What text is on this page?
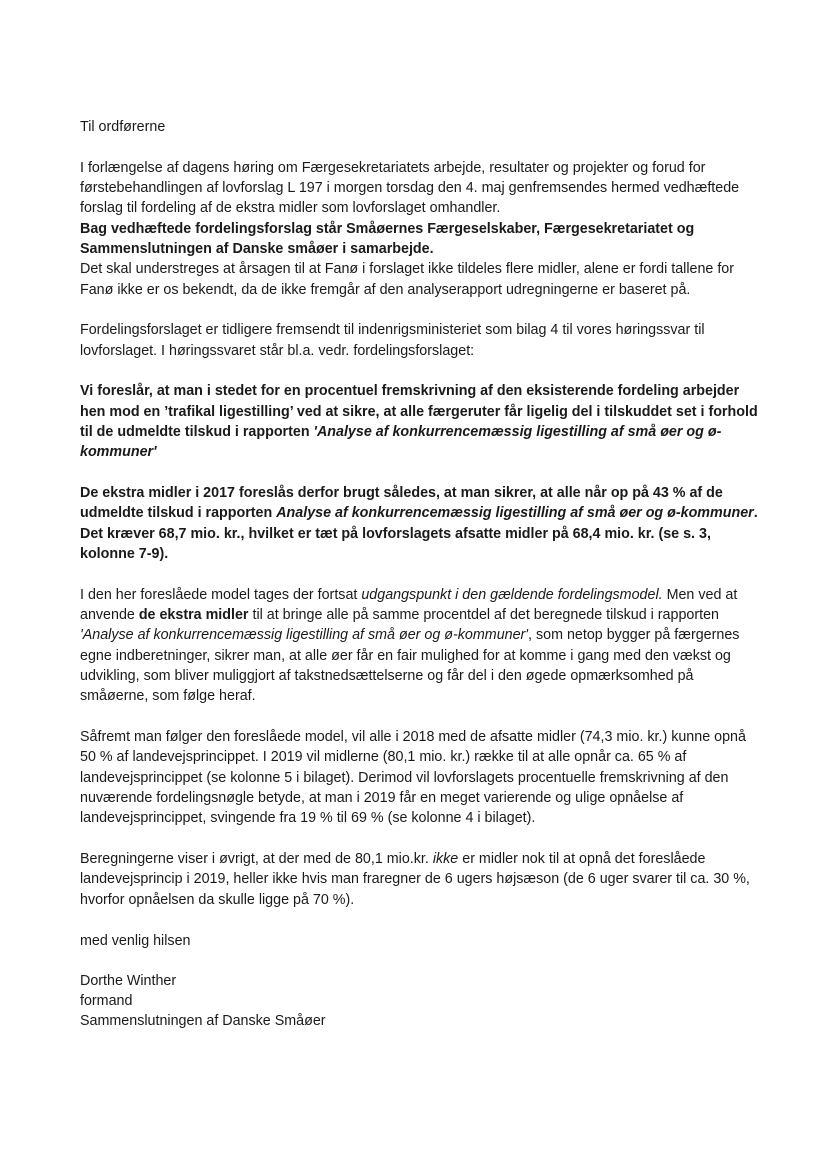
Til ordførerne

I forlængelse af dagens høring om Færgesekretariatets arbejde, resultater og projekter og forud for førstebehandlingen af lovforslag L 197 i morgen torsdag den 4. maj genfremsendes hermed vedhæftede forslag til fordeling af de ekstra midler som lovforslaget omhandler.
Bag vedhæftede fordelingsforslag står Småøernes Færgeselskaber, Færgesekretariatet og Sammenslutningen af Danske småøer i samarbejde.
Det skal understreges at årsagen til at Fanø i forslaget ikke tildeles flere midler, alene er fordi tallene for Fanø ikke er os bekendt, da de ikke fremgår af den analyserapport udregningerne er baseret på.

Fordelingsforslaget er tidligere fremsendt til indenrigsministeriet som bilag 4 til vores høringssvar til lovforslaget. I høringssvaret står bl.a. vedr. fordelingsforslaget:

Vi foreslår, at man i stedet for en procentuel fremskrivning af den eksisterende fordeling arbejder hen mod en ’trafikal ligestilling’ ved at sikre, at alle færgeruter får ligelig del i tilskuddet set i forhold til de udmeldte tilskud i rapporten 'Analyse af konkurrencemæssig ligestilling af små øer og ø-kommuner'

De ekstra midler i 2017 foreslås derfor brugt således, at man sikrer, at alle når op på 43 % af de udmeldte tilskud i rapporten Analyse af konkurrencemæssig ligestilling af små øer og ø-kommuner. Det kræver 68,7 mio. kr., hvilket er tæt på lovforslagets afsatte midler på 68,4 mio. kr. (se s. 3, kolonne 7-9).

I den her foreslåede model tages der fortsat udgangspunkt i den gældende fordelingsmodel. Men ved at anvende de ekstra midler til at bringe alle på samme procentdel af det beregnede tilskud i rapporten 'Analyse af konkurrencemæssig ligestilling af små øer og ø-kommuner', som netop bygger på færgernes egne indberetninger, sikrer man, at alle øer får en fair mulighed for at komme i gang med den vækst og udvikling, som bliver muliggjort af takstnedsættelserne og får del i den øgede opmærksomhed på småøerne, som følge heraf.

Såfremt man følger den foreslåede model, vil alle i 2018 med de afsatte midler (74,3 mio. kr.) kunne opnå 50 % af landevejsprincippet. I 2019 vil midlerne (80,1 mio. kr.) række til at alle opnår ca. 65 % af landevejsprincippet (se kolonne 5 i bilaget). Derimod vil lovforslagets procentuelle fremskrivning af den nuværende fordelingsnøgle betyde, at man i 2019 får en meget varierende og ulige opnåelse af landevejsprincippet, svingende fra 19 % til 69 % (se kolonne 4 i bilaget).

Beregningerne viser i øvrigt, at der med de 80,1 mio.kr. ikke er midler nok til at opnå det foreslåede landevejsprincip i 2019, heller ikke hvis man fraregner de 6 ugers højsæson (de 6 uger svarer til ca. 30 %, hvorfor opnåelsen da skulle ligge på 70 %).

med venlig hilsen

Dorthe Winther
formand
Sammenslutningen af Danske Småøer
